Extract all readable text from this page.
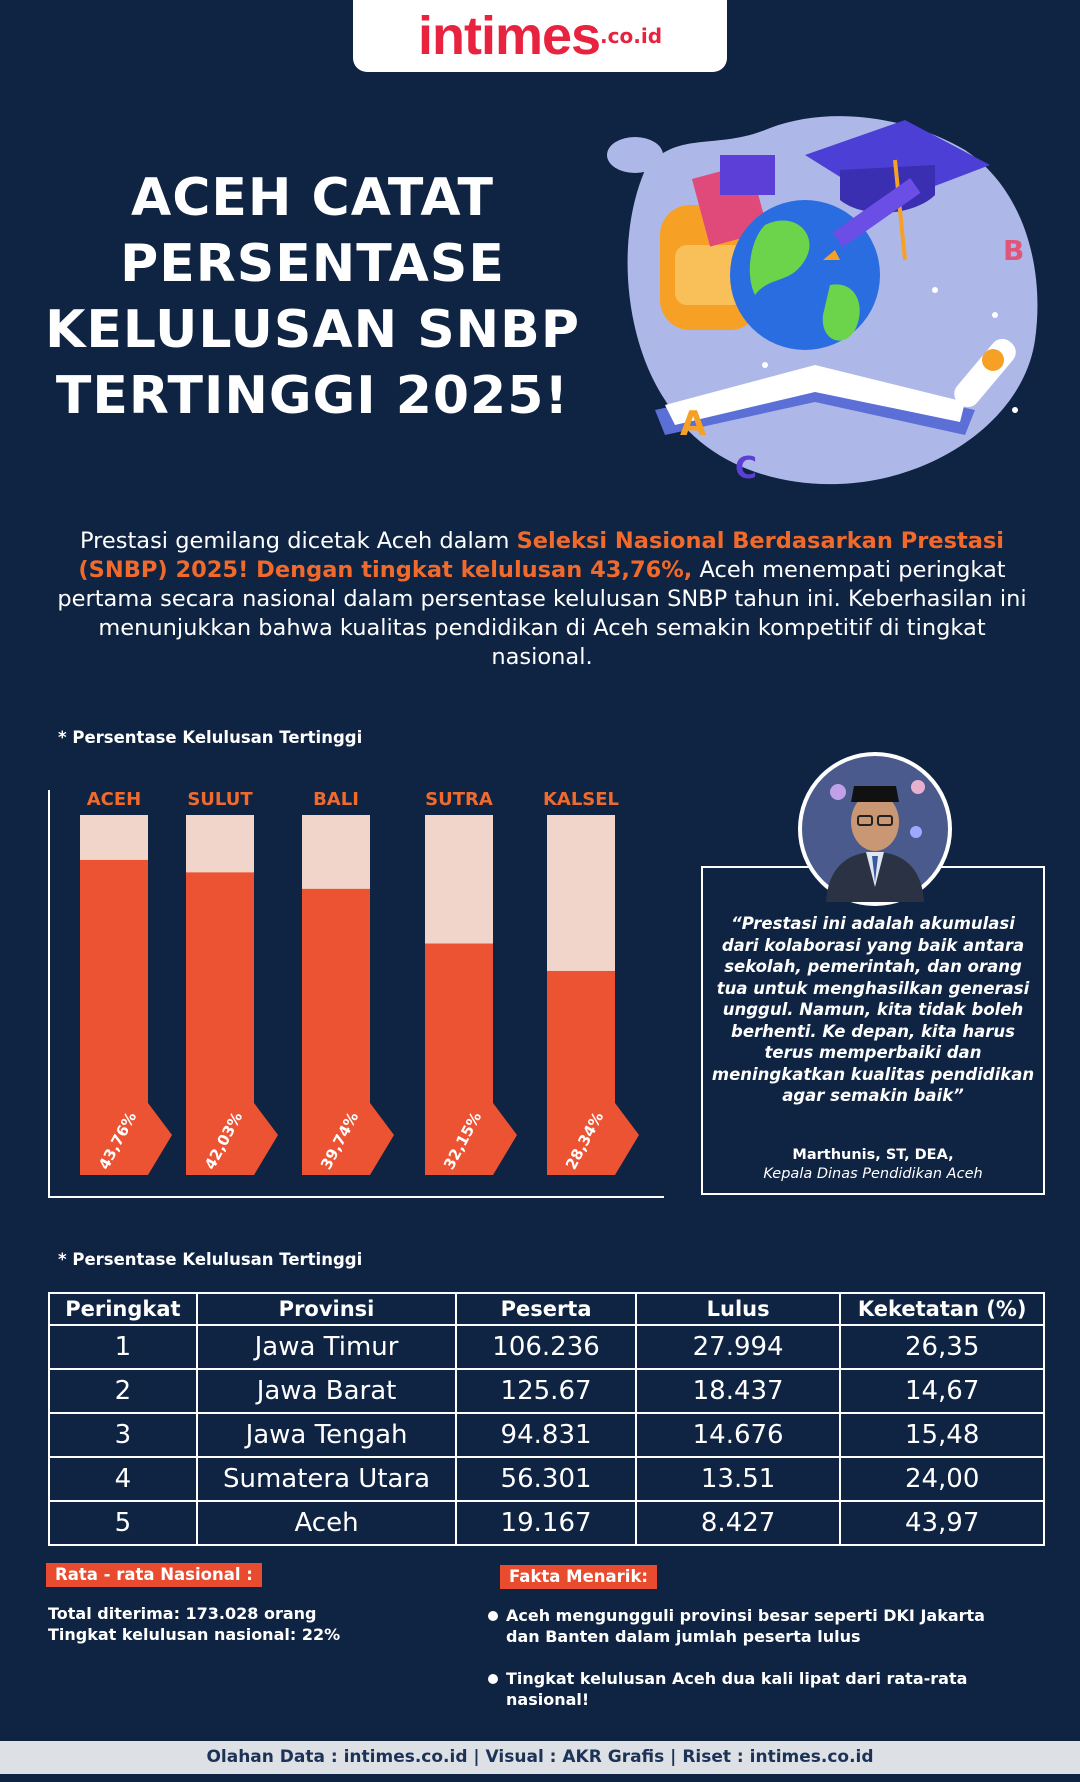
intimes .co.id
ACEH CATAT
PERSENTASE
KELULUSAN SNBP
TERTINGGI 2025!
B
A
C

Prestasi gemilang dicetak Aceh dalam Seleksi Nasional Berdasarkan Prestasi (SNBP) 2025! Dengan tingkat kelulusan 43,76%, Aceh menempati peringkat pertama secara nasional dalam persentase kelulusan SNBP tahun ini. Keberhasilan ini menunjukkan bahwa kualitas pendidikan di Aceh semakin kompetitif di tingkat nasional.

* Persentase Kelulusan Tertinggi
43,76%
ACEH
42,03%
SULUT
39,74%
BALI
32,15%
SUTRA
28,34%
KALSEL

“Prestasi ini adalah akumulasi dari kolaborasi yang baik antara sekolah, pemerintah, dan orang tua untuk menghasilkan generasi unggul. Namun, kita tidak boleh berhenti. Ke depan, kita harus terus memperbaiki dan meningkatkan kualitas pendidikan agar semakin baik”

Marthunis, ST, DEA,
Kepala Dinas Pendidikan Aceh
* Persentase Kelulusan Tertinggi
Peringkat	Provinsi	Peserta	Lulus	Keketatan (%)
1	Jawa Timur	106.236	27.994	26,35
2	Jawa Barat	125.67	18.437	14,67
3	Jawa Tengah	94.831	14.676	15,48
4	Sumatera Utara	56.301	13.51	24,00
5	Aceh	19.167	8.427	43,97
Rata - rata Nasional :
Total diterima: 173.028 orang
Tingkat kelulusan nasional: 22%
Fakta Menarik:
Aceh mengungguli provinsi besar seperti DKI Jakarta dan Banten dalam jumlah peserta lulus
Tingkat kelulusan Aceh dua kali lipat dari rata-rata nasional!
Olahan Data : intimes.co.id | Visual : AKR Grafis | Riset : intimes.co.id
